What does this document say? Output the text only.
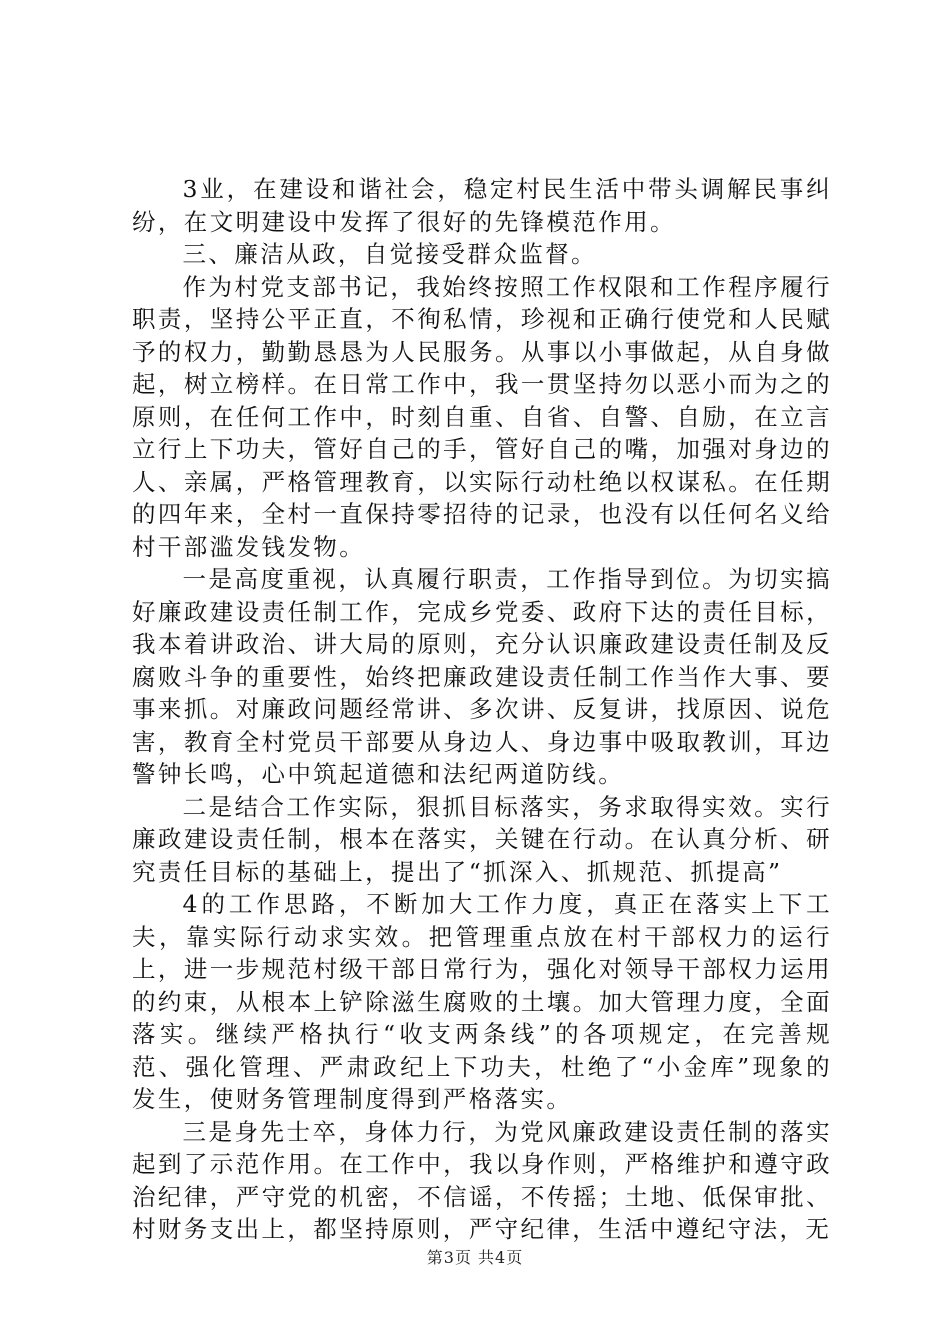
3业，在建设和谐社会，稳定村民生活中带头调解民事纠纷，在文明建设中发挥了很好的先锋模范作用。

三、廉洁从政，自觉接受群众监督。

作为村党支部书记，我始终按照工作权限和工作程序履行职责，坚持公平正直，不徇私情，珍视和正确行使党和人民赋予的权力，勤勤恳恳为人民服务。从事以小事做起，从自身做起，树立榜样。在日常工作中，我一贯坚持勿以恶小而为之的原则，在任何工作中，时刻自重、自省、自警、自励，在立言立行上下功夫，管好自己的手，管好自己的嘴，加强对身边的人、亲属，严格管理教育，以实际行动杜绝以权谋私。在任期的四年来，全村一直保持零招待的记录，也没有以任何名义给村干部滥发钱发物。

一是高度重视，认真履行职责，工作指导到位。为切实搞好廉政建设责任制工作，完成乡党委、政府下达的责任目标，我本着讲政治、讲大局的原则，充分认识廉政建设责任制及反腐败斗争的重要性，始终把廉政建设责任制工作当作大事、要事来抓。对廉政问题经常讲、多次讲、反复讲，找原因、说危害，教育全村党员干部要从身边人、身边事中吸取教训，耳边警钟长鸣，心中筑起道德和法纪两道防线。

二是结合工作实际，狠抓目标落实，务求取得实效。实行廉政建设责任制，根本在落实，关键在行动。在认真分析、研究责任目标的基础上，提出了“抓深入、抓规范、抓提高”

4的工作思路，不断加大工作力度，真正在落实上下工夫，靠实际行动求实效。把管理重点放在村干部权力的运行上，进一步规范村级干部日常行为，强化对领导干部权力运用的约束，从根本上铲除滋生腐败的土壤。加大管理力度，全面落实。继续严格执行“收支两条线”的各项规定，在完善规范、强化管理、严肃政纪上下功夫，杜绝了“小金库”现象的发生，使财务管理制度得到严格落实。

三是身先士卒，身体力行，为党风廉政建设责任制的落实起到了示范作用。在工作中，我以身作则，严格维护和遵守政治纪律，严守党的机密，不信谣，不传摇；土地、低保审批、村财务支出上，都坚持原则，严守纪律，生活中遵纪守法，无

第3页 共4页
